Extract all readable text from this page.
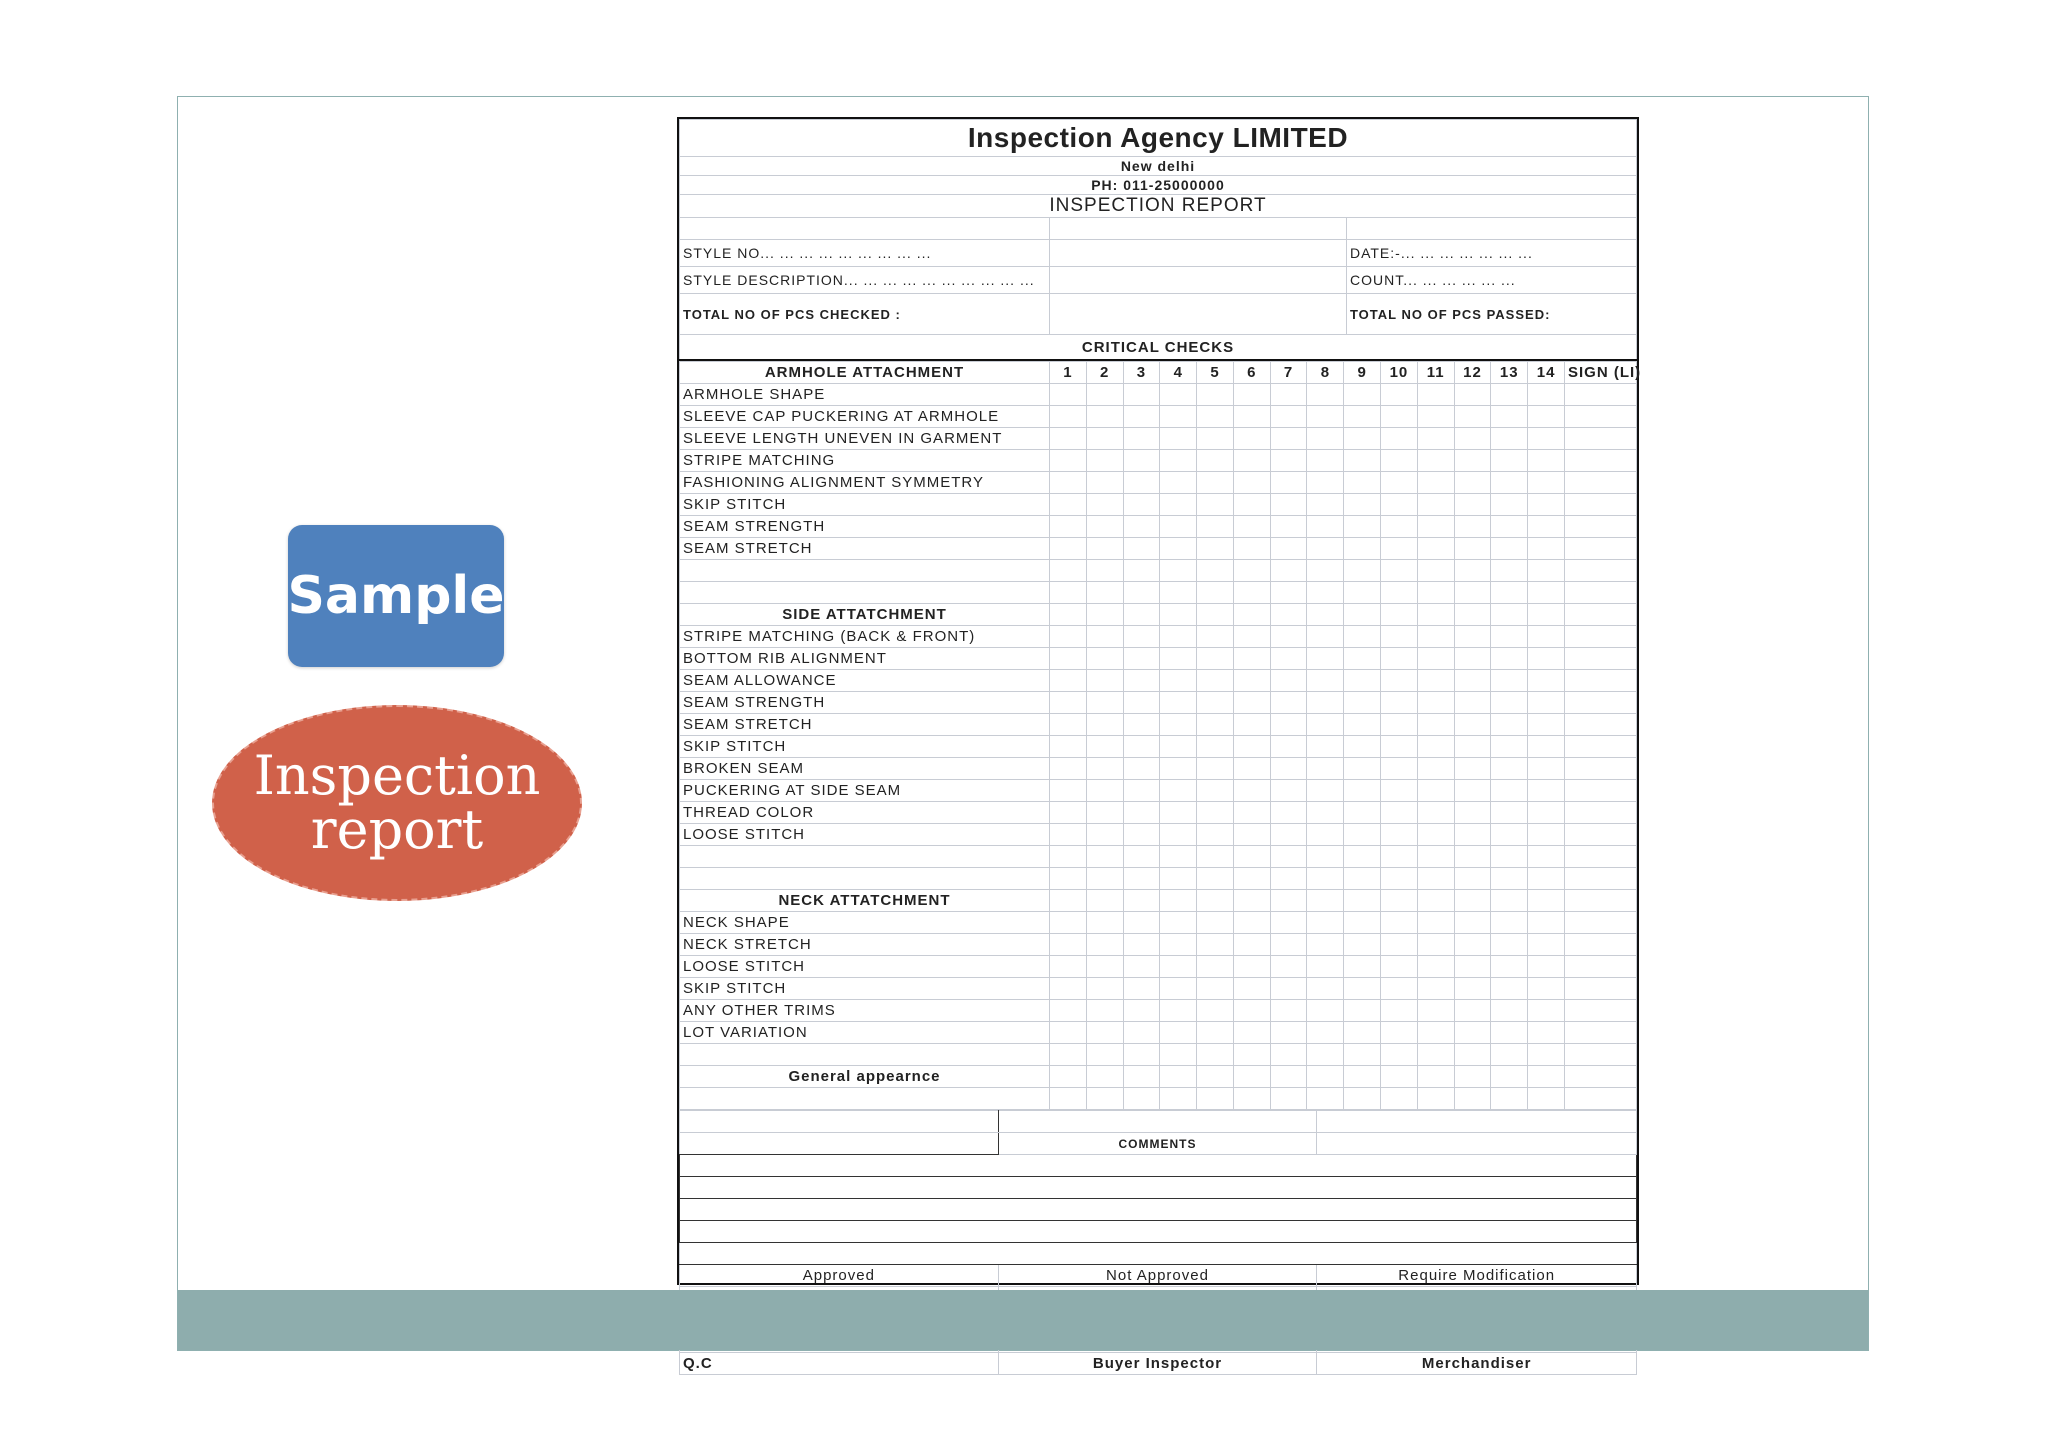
Sample
Inspection
report
Inspection Agency LIMITED		
New delhi		
PH: 011-25000000		
INSPECTION REPORT		

STYLE NO... ... ... ... ... ... ... ... ...		DATE:-... ... ... ... ... ... ...
STYLE DESCRIPTION... ... ... ... ... ... ... ... ... ...		COUNT... ... ... ... ... ...
TOTAL NO OF PCS CHECKED :		TOTAL NO OF PCS PASSED:
CRITICAL CHECKS		
ARMHOLE ATTACHMENT	1	2	3	4	5	6	7	8	9	10	11	12	13	14	SIGN (LI)
ARMHOLE SHAPE															
SLEEVE CAP PUCKERING AT ARMHOLE															
SLEEVE LENGTH UNEVEN IN GARMENT															
STRIPE MATCHING															
FASHIONING ALIGNMENT SYMMETRY															
SKIP STITCH															
SEAM STRENGTH															
SEAM STRETCH															

SIDE ATTATCHMENT															
STRIPE MATCHING (BACK & FRONT)															
BOTTOM RIB ALIGNMENT															
SEAM ALLOWANCE															
SEAM STRENGTH															
SEAM STRETCH															
SKIP STITCH															
BROKEN SEAM															
PUCKERING AT SIDE SEAM															
THREAD COLOR															
LOOSE STITCH															

NECK ATTATCHMENT															
NECK SHAPE															
NECK STRETCH															
LOOSE STITCH															
SKIP STITCH															
ANY OTHER TRIMS															
LOT VARIATION															

General appearnce															

	COMMENTS	

Approved	Not Approved	Require Modification

Q.C	Buyer Inspector	Merchandiser
